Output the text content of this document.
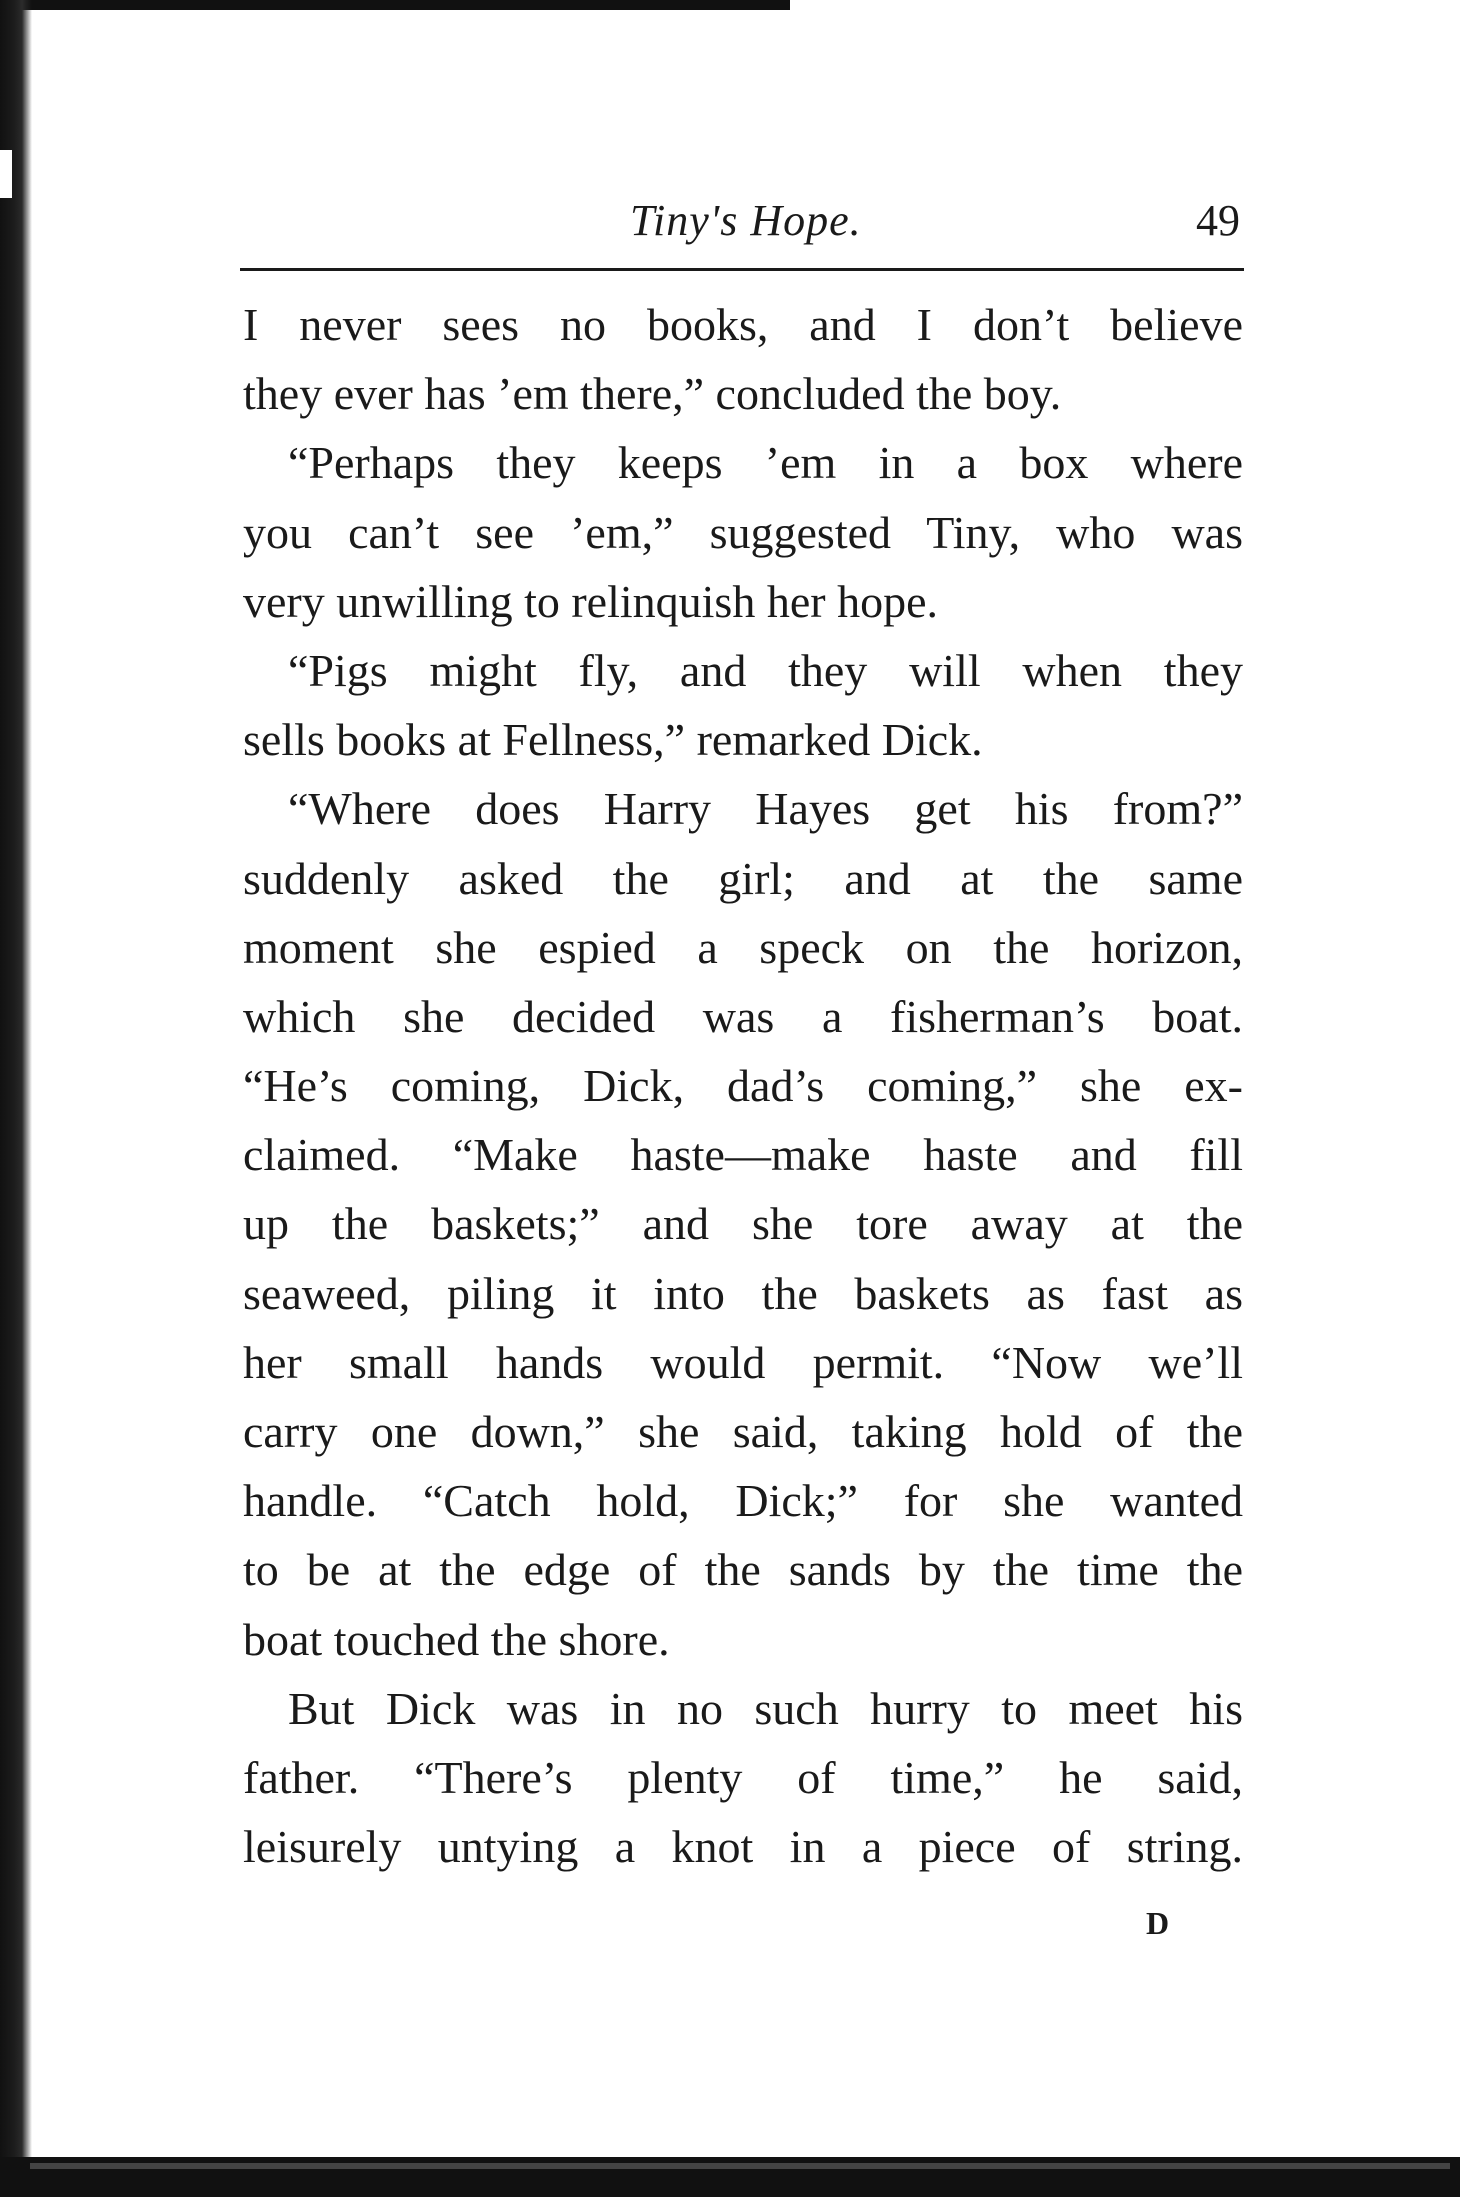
Tiny's Hope.	49
I never sees no books, and I don’t believe
they ever has ’em there,” concluded the boy.
“Perhaps they keeps ’em in a box where
you can’t see ’em,” suggested Tiny, who was
very unwilling to relinquish her hope.
“Pigs might fly, and they will when they
sells books at Fellness,” remarked Dick.
“Where does Harry Hayes get his from?”
suddenly asked the girl; and at the same
moment she espied a speck on the horizon,
which she decided was a fisherman’s boat.
“He’s coming, Dick, dad’s coming,” she ex-
claimed. “Make haste—make haste and fill
up the baskets;” and she tore away at the
seaweed, piling it into the baskets as fast as
her small hands would permit. “Now we’ll
carry one down,” she said, taking hold of the
handle. “Catch hold, Dick;” for she wanted
to be at the edge of the sands by the time the
boat touched the shore.
But Dick was in no such hurry to meet his
father. “There’s plenty of time,” he said,
leisurely untying a knot in a piece of string.
D
